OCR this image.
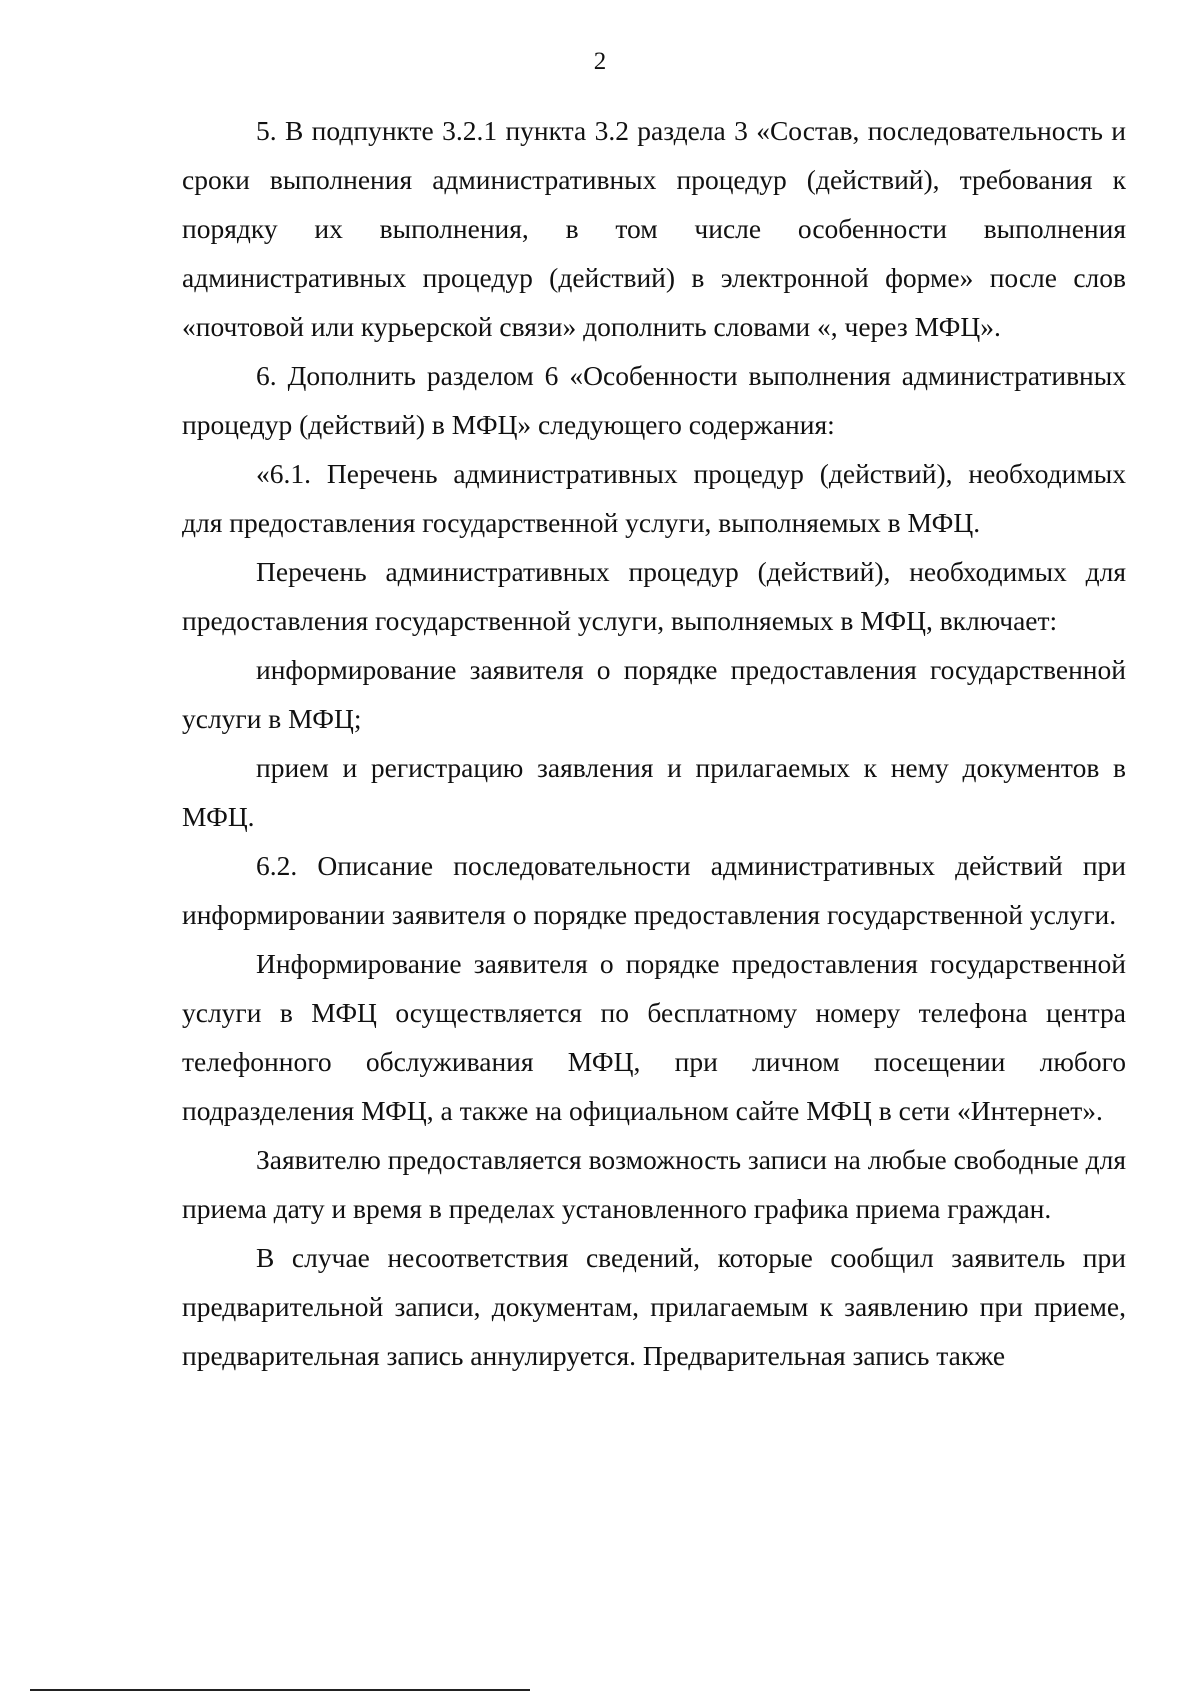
2

5. В подпункте 3.2.1 пункта 3.2 раздела 3 «Состав, последовательность и сроки выполнения административных процедур (действий), требования к порядку их выполнения, в том числе особенности выполнения административных процедур (действий) в электронной форме» после слов «почтовой или курьерской связи» дополнить словами «, через МФЦ».

6. Дополнить разделом 6 «Особенности выполнения административных процедур (действий) в МФЦ» следующего содержания:

«6.1. Перечень административных процедур (действий), необходимых для предоставления государственной услуги, выполняемых в МФЦ.

Перечень административных процедур (действий), необходимых для предоставления государственной услуги, выполняемых в МФЦ, включает:

информирование заявителя о порядке предоставления государственной услуги в МФЦ;

прием и регистрацию заявления и прилагаемых к нему документов в МФЦ.

6.2. Описание последовательности административных действий при информировании заявителя о порядке предоставления государственной услуги.

Информирование заявителя о порядке предоставления государственной услуги в МФЦ осуществляется по бесплатному номеру телефона центра телефонного обслуживания МФЦ, при личном посещении любого подразделения МФЦ, а также на официальном сайте МФЦ в сети «Интернет».

Заявителю предоставляется возможность записи на любые свободные для приема дату и время в пределах установленного графика приема граждан.

В случае несоответствия сведений, которые сообщил заявитель при предварительной записи, документам, прилагаемым к заявлению при приеме, предварительная запись аннулируется. Предварительная запись также
